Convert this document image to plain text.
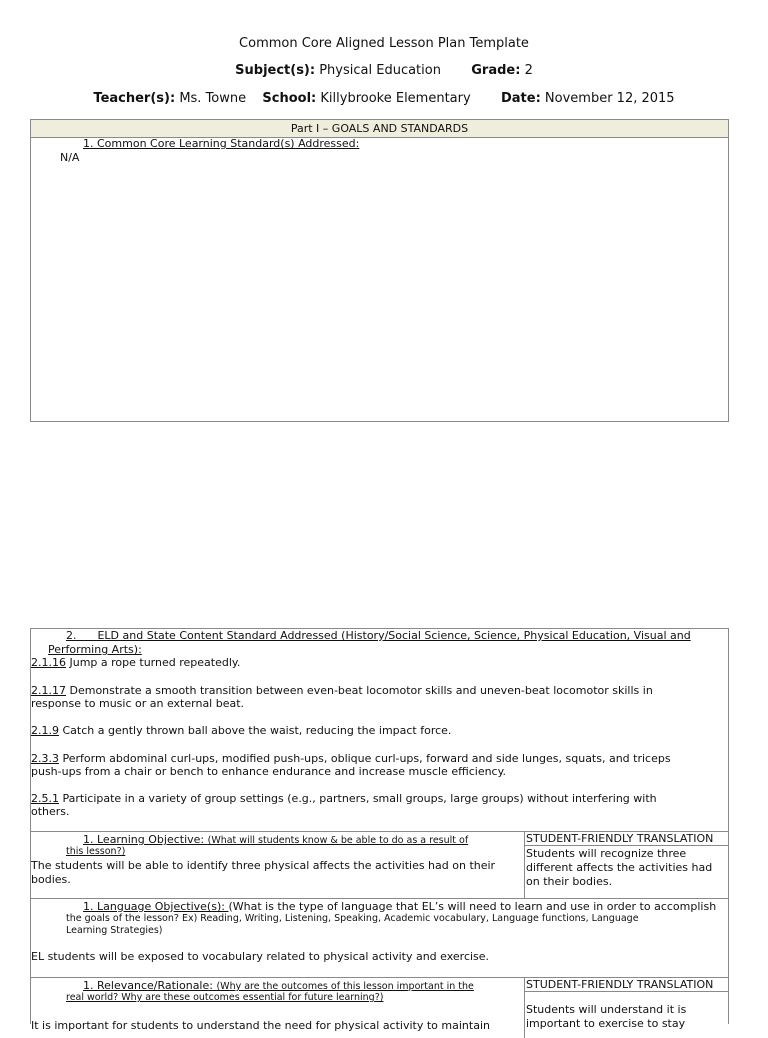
Common Core Aligned Lesson Plan Template
Subject(s): Physical Education Grade: 2
Teacher(s): Ms. Towne School: Killybrooke Elementary Date: November 12, 2015
Part I – GOALS AND STANDARDS
1. Common Core Learning Standard(s) Addressed:
N/A
2.      ELD and State Content Standard Addressed (History/Social Science, Science, Physical Education, Visual and
Performing Arts):
2.1.16 Jump a rope turned repeatedly.
2.1.17 Demonstrate a smooth transition between even-beat locomotor skills and uneven-beat locomotor skills in
response to music or an external beat.
2.1.9 Catch a gently thrown ball above the waist, reducing the impact force.
2.3.3 Perform abdominal curl-ups, modified push-ups, oblique curl-ups, forward and side lunges, squats, and triceps
push-ups from a chair or bench to enhance endurance and increase muscle efficiency.
2.5.1 Participate in a variety of group settings (e.g., partners, small groups, large groups) without interfering with
others.
1. Learning Objective: (What will students know & be able to do as a result of
this lesson?)
The students will be able to identify three physical affects the activities had on their
bodies.
STUDENT-FRIENDLY TRANSLATION
Students will recognize three
different affects the activities had
on their bodies.
1. Language Objective(s): (What is the type of language that EL’s will need to learn and use in order to accomplish
the goals of the lesson? Ex) Reading, Writing, Listening, Speaking, Academic vocabulary, Language functions, Language
Learning Strategies)
EL students will be exposed to vocabulary related to physical activity and exercise.
1. Relevance/Rationale: (Why are the outcomes of this lesson important in the
real world? Why are these outcomes essential for future learning?)
It is important for students to understand the need for physical activity to maintain
STUDENT-FRIENDLY TRANSLATION
Students will understand it is
important to exercise to stay
